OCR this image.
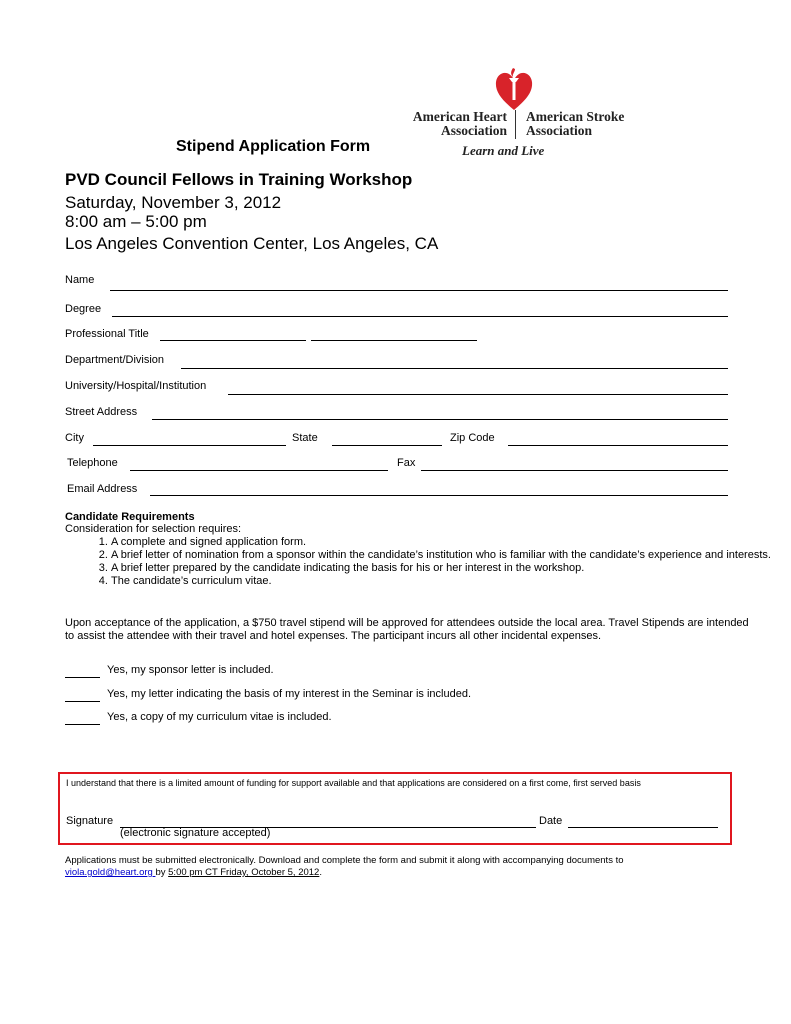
American Heart
Association
American Stroke
Association
Learn and Live
Stipend Application Form
PVD Council Fellows in Training Workshop
Saturday, November 3, 2012
8:00 am – 5:00 pm
Los Angeles Convention Center, Los Angeles, CA
Name
Degree
Professional Title
Department/Division
University/Hospital/Institution
Street Address
City	State	Zip Code
Telephone	Fax
Email Address
Candidate Requirements
Consideration for selection requires:
1. A complete and signed application form.
2. A brief letter of nomination from a sponsor within the candidate’s institution who is familiar with the candidate’s experience and interests.
3. A brief letter prepared by the candidate indicating the basis for his or her interest in the workshop.
4. The candidate’s curriculum vitae.
Upon acceptance of the application, a $750 travel stipend will be approved for attendees outside the local area. Travel Stipends are intended to assist the attendee with their travel and hotel expenses. The participant incurs all other incidental expenses.
Yes, my sponsor letter is included.
Yes, my letter indicating the basis of my interest in the Seminar is included.
Yes, a copy of my curriculum vitae is included.
I understand that there is a limited amount of funding for support available and that applications are considered on a first come, first served basis
Signature
(electronic signature accepted)
Date
Applications must be submitted electronically. Download and complete the form and submit it along with accompanying documents to
viola.gold@heart.org by 5:00 pm CT Friday, October 5, 2012.
